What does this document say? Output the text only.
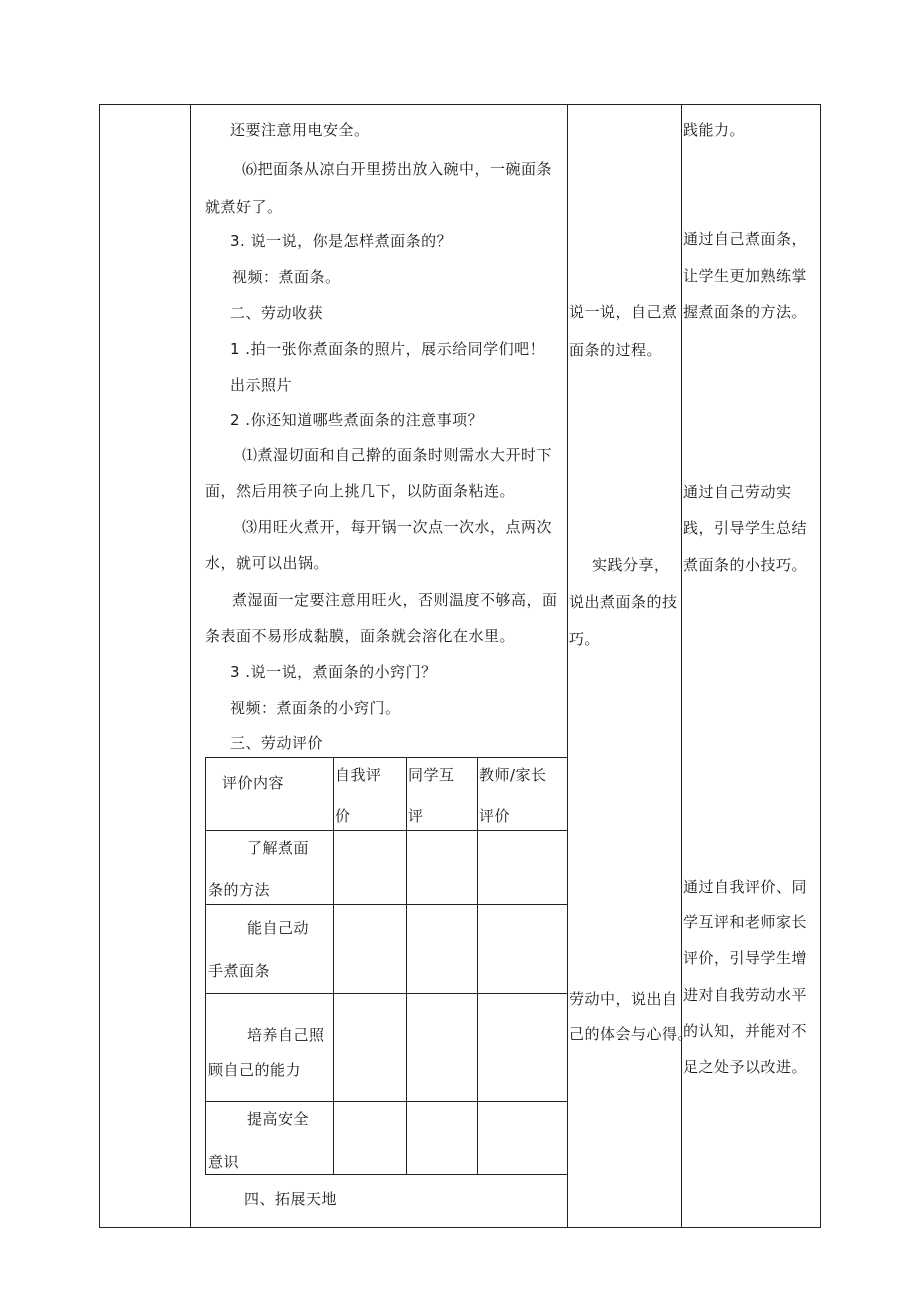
还要注意用电安全。
⑹把面条从凉白开里捞出放入碗中，一碗面条
就煮好了。
3. 说一说，你是怎样煮面条的？
视频：煮面条。
二、劳动收获
1 .拍一张你煮面条的照片，展示给同学们吧！
出示照片
2 .你还知道哪些煮面条的注意事项？
⑴煮湿切面和自己擀的面条时则需水大开时下
面，然后用筷子向上挑几下，以防面条粘连。
⑶用旺火煮开，每开锅一次点一次水，点两次
水，就可以出锅。
煮湿面一定要注意用旺火，否则温度不够高，面
条表面不易形成黏膜，面条就会溶化在水里。
3 .说一说，煮面条的小窍门？
视频：煮面条的小窍门。
三、劳动评价
四、拓展天地
评价内容	自我评
价
同学互
评
教师/家长
评价
了解煮面
条的方法
能自己动
手煮面条
培养自己照
顾自己的能力
提高安全
意识
说一说，自己煮
面条的过程。
实践分享，
说出煮面条的技
巧。
劳动中，说出自
己的体会与心得。
践能力。
通过自己煮面条，
让学生更加熟练掌
握煮面条的方法。
通过自己劳动实
践，引导学生总结
煮面条的小技巧。
通过自我评价、同
学互评和老师家长
评价，引导学生增
进对自我劳动水平
的认知，并能对不
足之处予以改进。
